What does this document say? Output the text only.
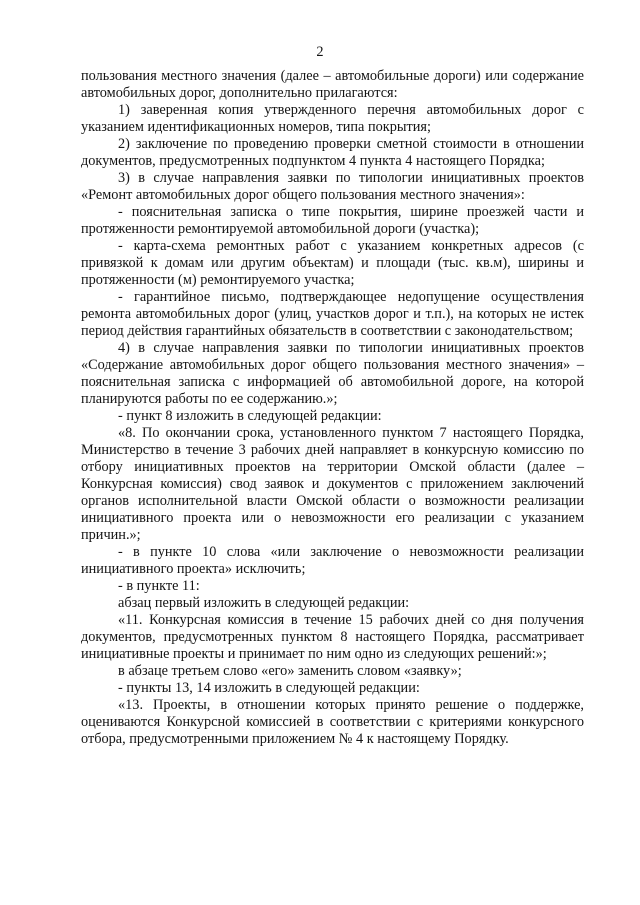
2

пользования местного значения (далее – автомобильные дороги) или содержание автомобильных дорог, дополнительно прилагаются:

1) заверенная копия утвержденного перечня автомобильных дорог с указанием идентификационных номеров, типа покрытия;

2) заключение по проведению проверки сметной стоимости в отношении документов, предусмотренных подпунктом 4 пункта 4 настоящего Порядка;

3) в случае направления заявки по типологии инициативных проектов «Ремонт автомобильных дорог общего пользования местного значения»:

- пояснительная записка о типе покрытия, ширине проезжей части и протяженности ремонтируемой автомобильной дороги (участка);

- карта-схема ремонтных работ с указанием конкретных адресов (с привязкой к домам или другим объектам) и площади (тыс. кв.м), ширины и протяженности (м) ремонтируемого участка;

- гарантийное письмо, подтверждающее недопущение осуществления ремонта автомобильных дорог (улиц, участков дорог и т.п.), на которых не истек период действия гарантийных обязательств в соответствии с законодательством;

4) в случае направления заявки по типологии инициативных проектов «Содержание автомобильных дорог общего пользования местного значения» – пояснительная записка с информацией об автомобильной дороге, на которой планируются работы по ее содержанию.»;

- пункт 8 изложить в следующей редакции:

«8. По окончании срока, установленного пунктом 7 настоящего Порядка, Министерство в течение 3 рабочих дней направляет в конкурсную комиссию по отбору инициативных проектов на территории Омской области (далее – Конкурсная комиссия) свод заявок и документов с приложением заключений органов исполнительной власти Омской области о возможности реализации инициативного проекта или о невозможности его реализации с указанием причин.»;

- в пункте 10 слова «или заключение о невозможности реализации инициативного проекта» исключить;

- в пункте 11:

абзац первый изложить в следующей редакции:

«11. Конкурсная комиссия в течение 15 рабочих дней со дня получения документов, предусмотренных пунктом 8 настоящего Порядка, рассматривает инициативные проекты и принимает по ним одно из следующих решений:»;

в абзаце третьем слово «его» заменить словом «заявку»;

- пункты 13, 14 изложить в следующей редакции:

«13. Проекты, в отношении которых принято решение о поддержке, оцениваются Конкурсной комиссией в соответствии с критериями конкурсного отбора, предусмотренными приложением № 4 к настоящему Порядку.
